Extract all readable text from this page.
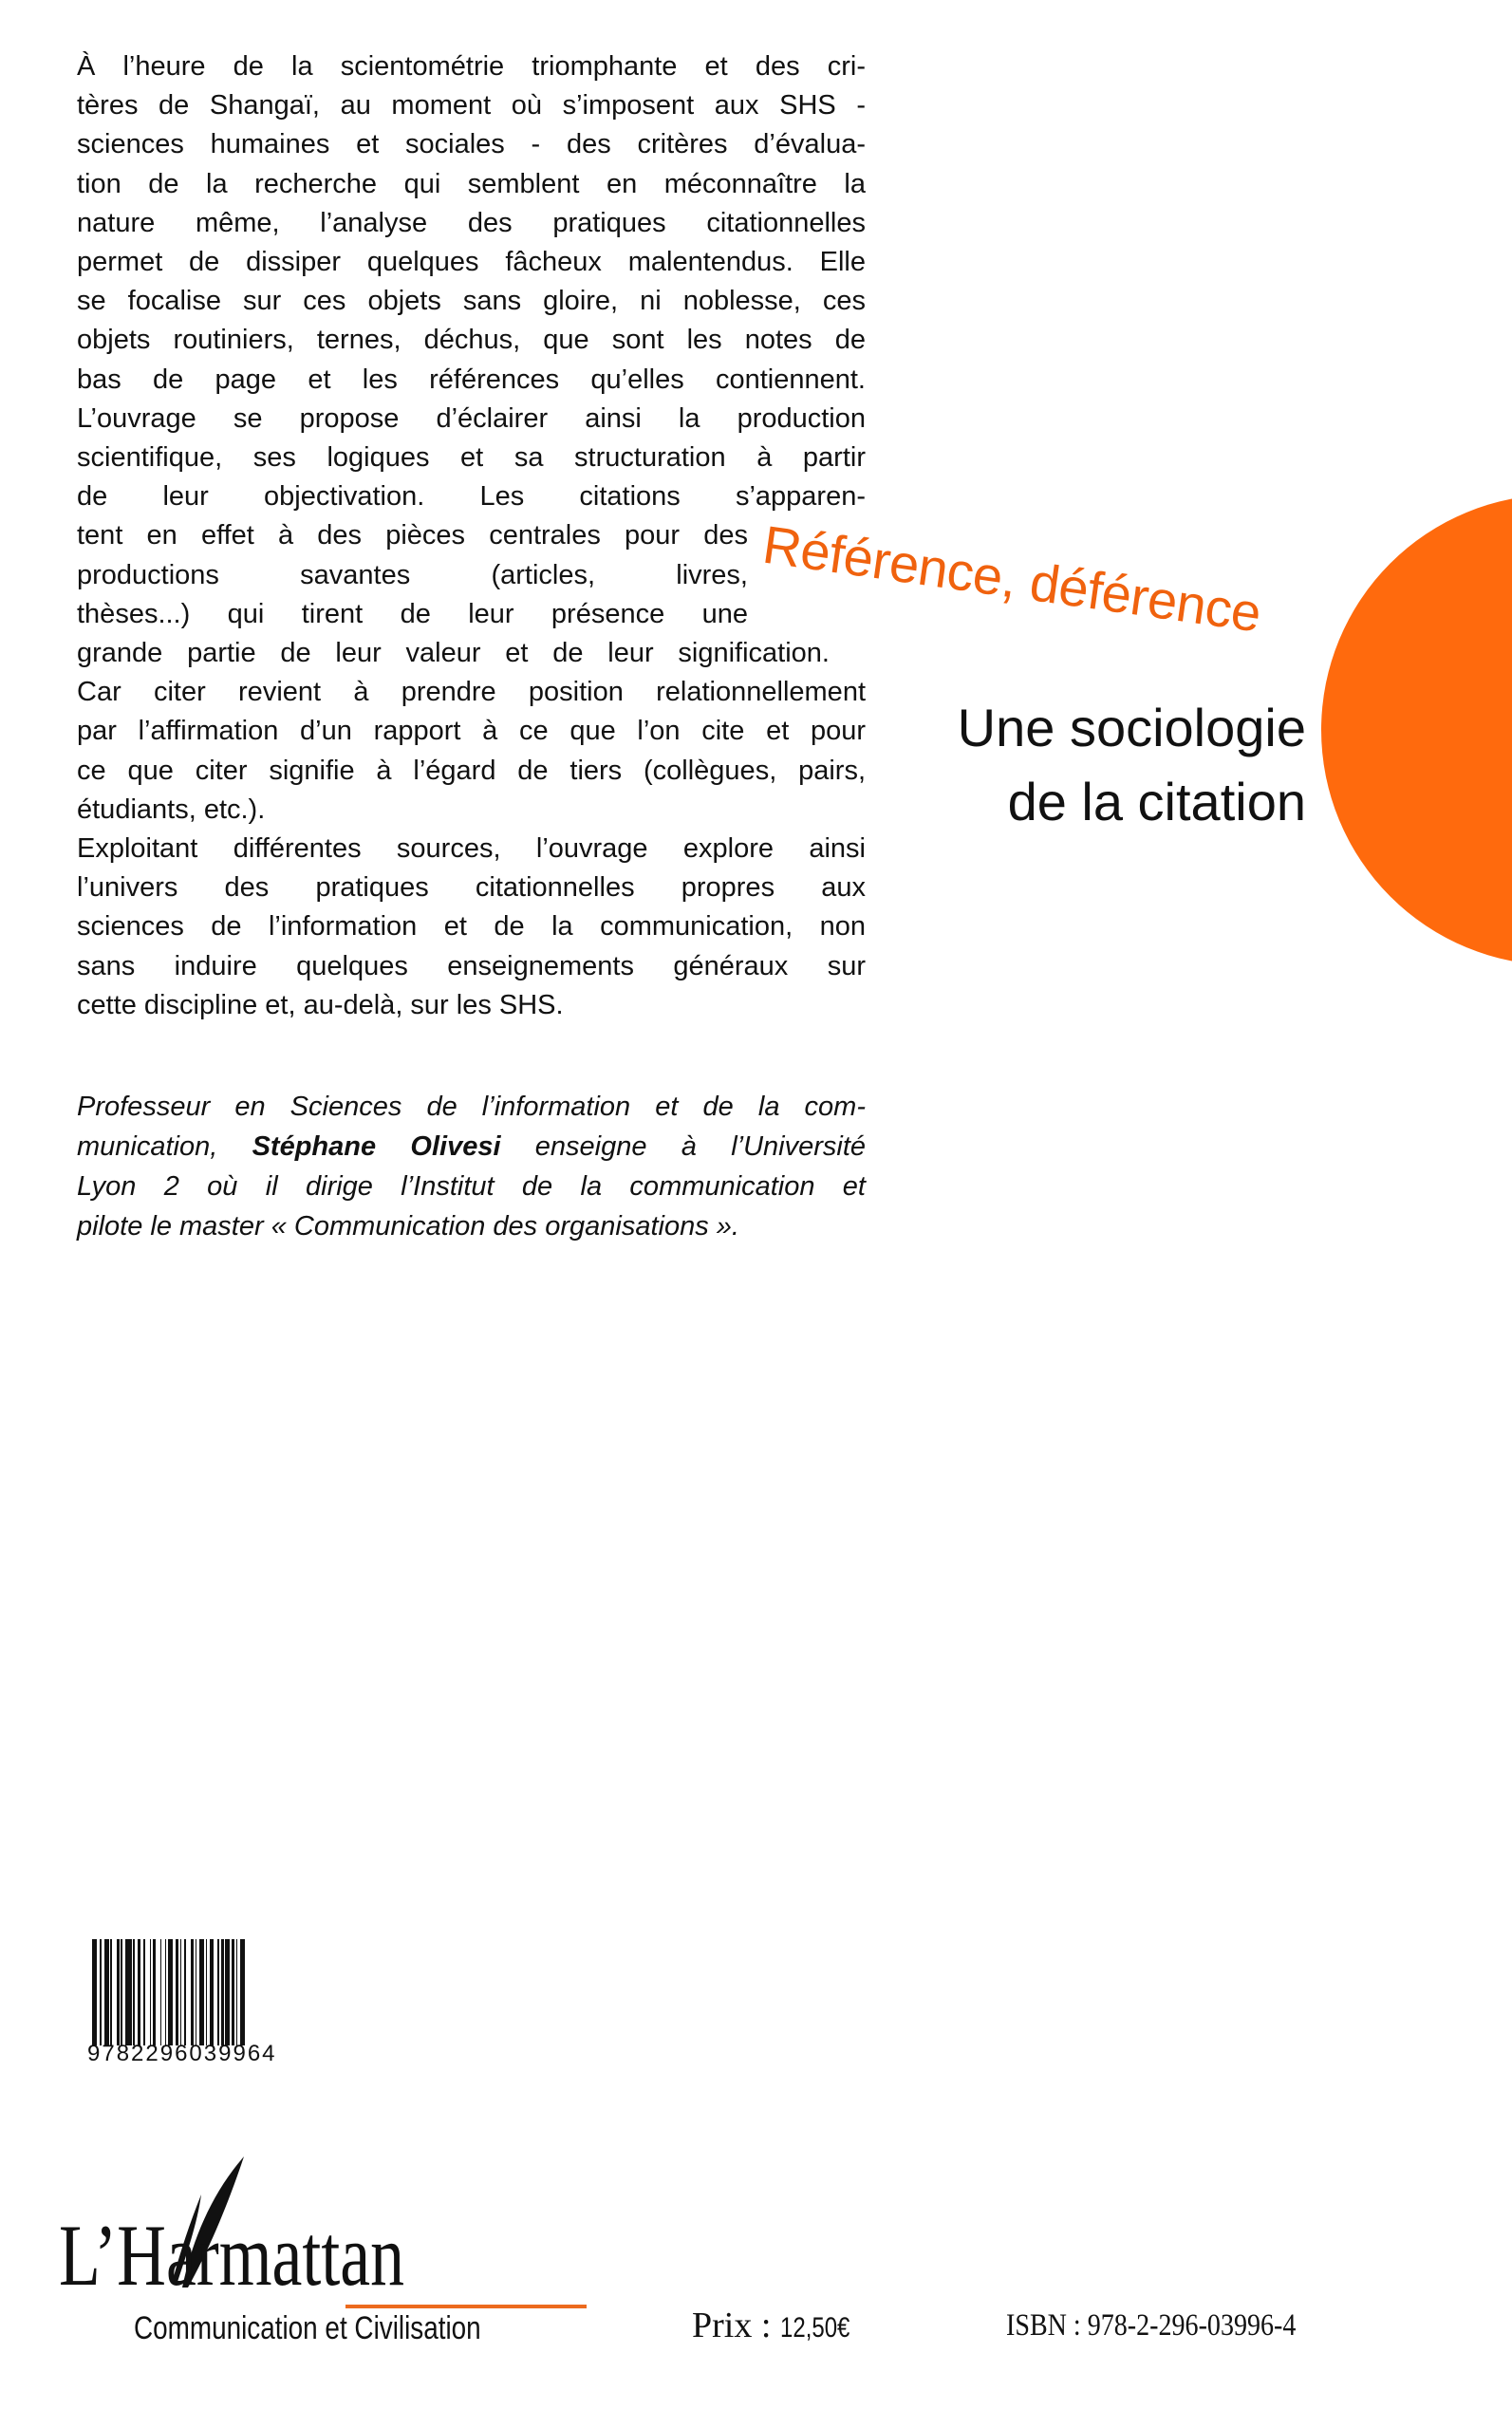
À l’heure de la scientométrie triomphante et des cri-
tères de Shangaï, au moment où s’imposent aux SHS -
sciences humaines et sociales - des critères d’évalua-
tion de la recherche qui semblent en méconnaître la
nature même, l’analyse des pratiques citationnelles
permet de dissiper quelques fâcheux malentendus. Elle
se focalise sur ces objets sans gloire, ni noblesse, ces
objets routiniers, ternes, déchus, que sont les notes de
bas de page et les références qu’elles contiennent.
L’ouvrage se propose d’éclairer ainsi la production
scientifique, ses logiques et sa structuration à partir
de leur objectivation. Les citations s’apparen-
tent en effet à des pièces centrales pour des
productions savantes (articles, livres,
thèses...) qui tirent de leur présence une
grande partie de leur valeur et de leur signification.
Car citer revient à prendre position relationnellement
par l’affirmation d’un rapport à ce que l’on cite et pour
ce que citer signifie à l’égard de tiers (collègues, pairs,
étudiants, etc.).
Exploitant différentes sources, l’ouvrage explore ainsi
l’univers des pratiques citationnelles propres aux
sciences de l’information et de la communication, non
sans induire quelques enseignements généraux sur
cette discipline et, au-delà, sur les SHS.
Référence, déférence
Une sociologie
de la citation
Professeur en Sciences de l’information et de la com-
munication, Stéphane Olivesi enseigne à l’Université
Lyon 2 où il dirige l’Institut de la communication et
pilote le master « Communication des organisations ».
9782296039964
L’Harmattan
Communication et Civilisation	Prix : 12,50€	ISBN : 978-2-296-03996-4
